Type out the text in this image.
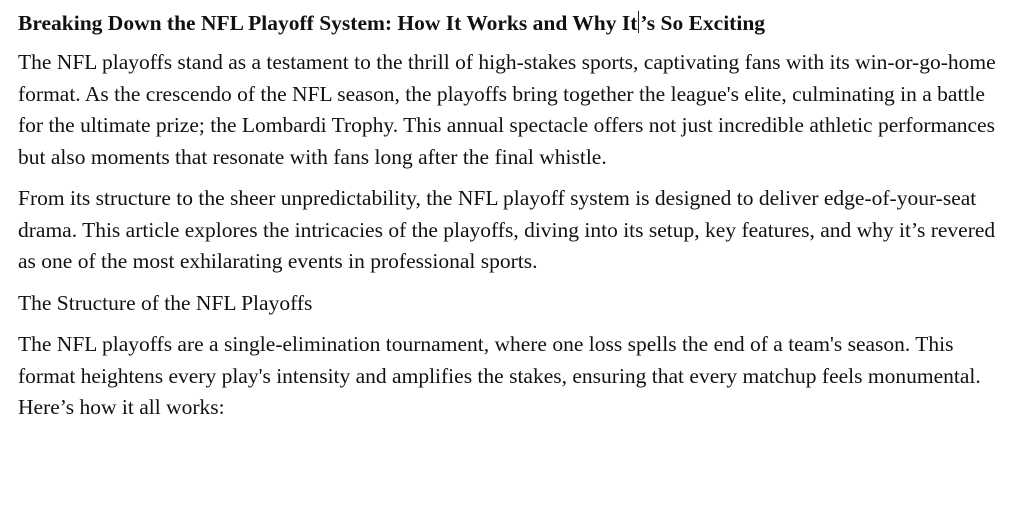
Breaking Down the NFL Playoff System: How It Works and Why It ’s So Exciting

The NFL playoffs stand as a testament to the thrill of high-stakes sports, captivating fans with its win-or-go-home format. As the crescendo of the NFL season, the playoffs bring together the league's elite, culminating in a battle for the ultimate prize; the Lombardi Trophy. This annual spectacle offers not just incredible athletic performances but also moments that resonate with fans long after the final whistle.

From its structure to the sheer unpredictability, the NFL playoff system is designed to deliver edge-of-your-seat drama. This article explores the intricacies of the playoffs, diving into its setup, key features, and why it’s revered as one of the most exhilarating events in professional sports.

The Structure of the NFL Playoffs

The NFL playoffs are a single-elimination tournament, where one loss spells the end of a team's season. This format heightens every play's intensity and amplifies the stakes, ensuring that every matchup feels monumental. Here’s how it all works:
